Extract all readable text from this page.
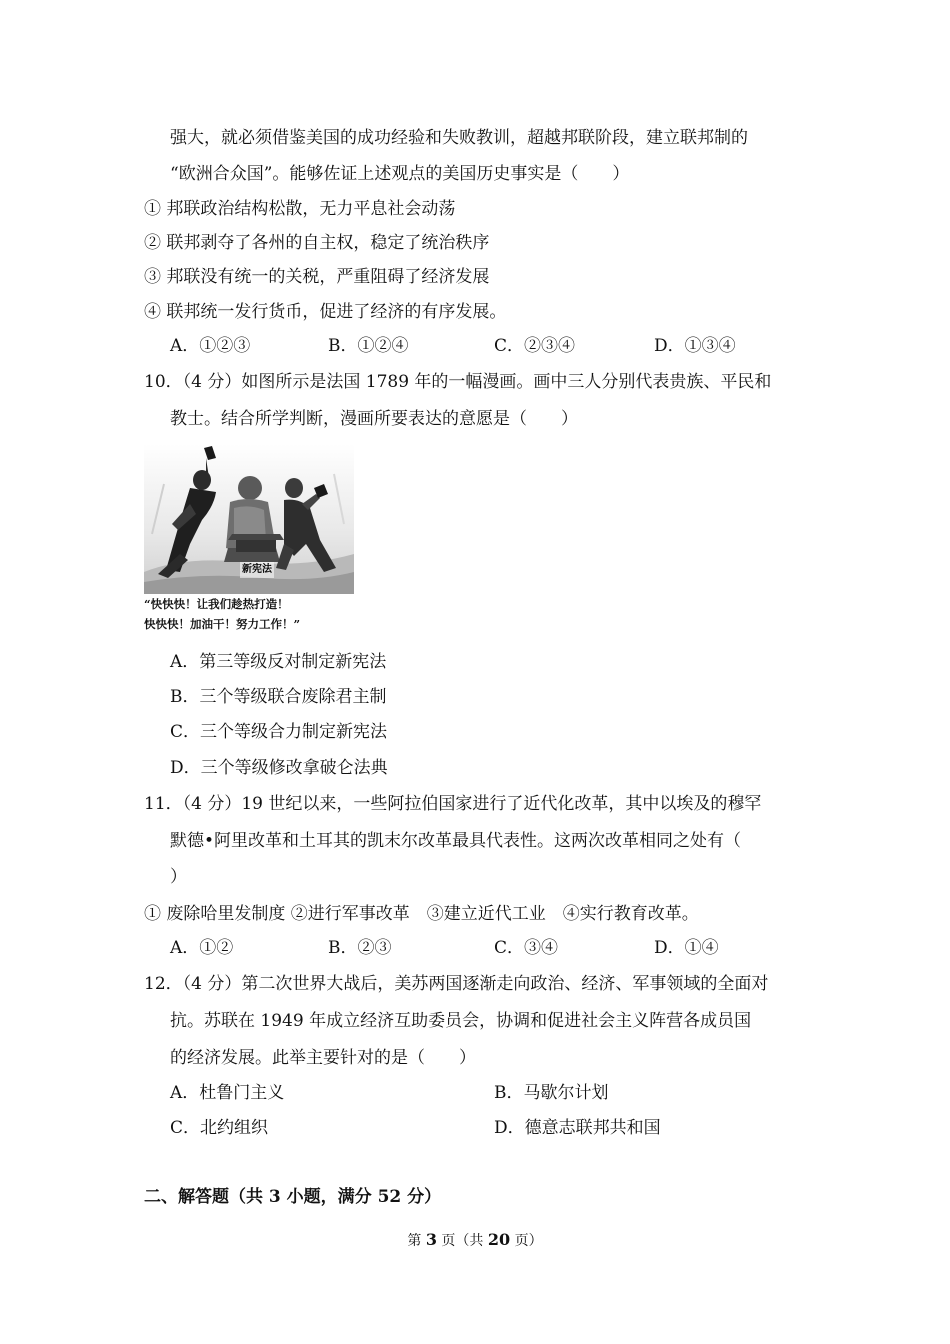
强大，就必须借鉴美国的成功经验和失败教训，超越邦联阶段，建立联邦制的
“欧洲合众国”。能够佐证上述观点的美国历史事实是（　　）
① 邦联政治结构松散，无力平息社会动荡
② 联邦剥夺了各州的自主权，稳定了统治秩序
③ 邦联没有统一的关税，严重阻碍了经济发展
④ 联邦统一发行货币，促进了经济的有序发展。
A．①②③	B．①②④	C．②③④	D．①③④
10．（4 分）如图所示是法国 1789 年的一幅漫画。画中三人分别代表贵族、平民和
教士。结合所学判断，漫画所要表达的意愿是（　　）
新宪法
“快快快！让我们趁热打造！
快快快！加油干！努力工作！”
A．第三等级反对制定新宪法
B．三个等级联合废除君主制
C．三个等级合力制定新宪法
D．三个等级修改拿破仑法典
11．（4 分）19 世纪以来，一些阿拉伯国家进行了近代化改革，其中以埃及的穆罕
默德•阿里改革和土耳其的凯末尔改革最具代表性。这两次改革相同之处有（
）
① 废除哈里发制度 ②进行军事改革　③建立近代工业　④实行教育改革。
A．①②	B．②③	C．③④	D．①④
12．（4 分）第二次世界大战后，美苏两国逐渐走向政治、经济、军事领域的全面对
抗。苏联在 1949 年成立经济互助委员会，协调和促进社会主义阵营各成员国
的经济发展。此举主要针对的是（　　）
A．杜鲁门主义	B．马歇尔计划
C．北约组织	D．德意志联邦共和国
二、解答题（共 3 小题，满分 52 分）
第 3 页（共 20 页）
